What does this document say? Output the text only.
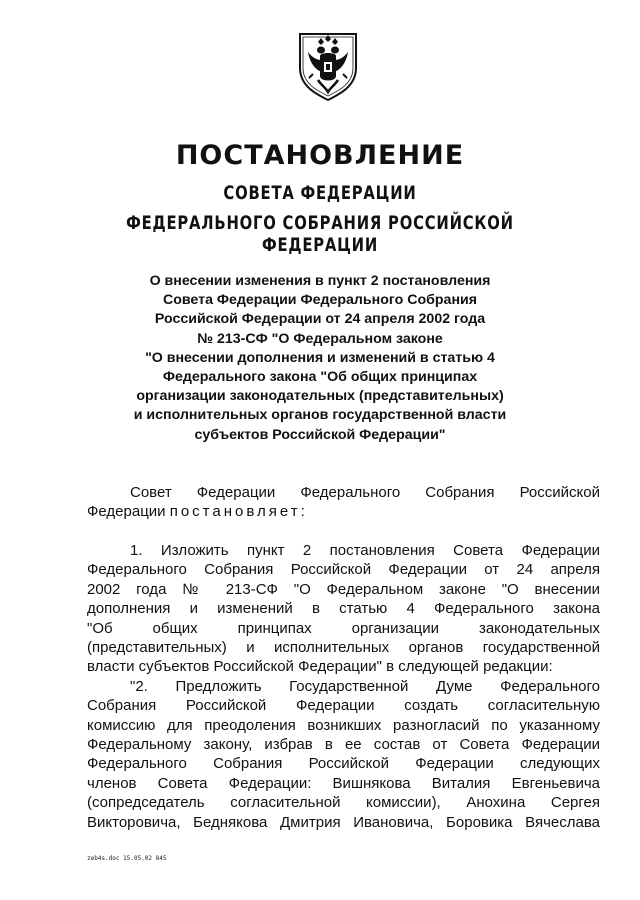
ПОСТАНОВЛЕНИЕ
СОВЕТА ФЕДЕРАЦИИ
ФЕДЕРАЛЬНОГО СОБРАНИЯ РОССИЙСКОЙ ФЕДЕРАЦИИ
О внесении изменения в пункт 2 постановления
Совета Федерации Федерального Собрания
Российской Федерации от 24 апреля 2002 года
№ 213-СФ "О Федеральном законе
"О внесении дополнения и изменений в статью 4
Федерального закона "Об общих принципах
организации законодательных (представительных)
и исполнительных органов государственной власти
субъектов Российской Федерации"
Совет Федерации Федерального Собрания Российской
Федерации постановляет:
1. Изложить пункт 2 постановления Совета Федерации
Федерального Собрания Российской Федерации от 24 апреля
2002 года № 213-СФ "О Федеральном законе "О внесении
дополнения и изменений в статью 4 Федерального закона
"Об общих принципах организации законодательных
(представительных) и исполнительных органов государственной
власти субъектов Российской Федерации" в следующей редакции:
"2. Предложить Государственной Думе Федерального
Собрания Российской Федерации создать согласительную
комиссию для преодоления возникших разногласий по указанному
Федеральному закону, избрав в ее состав от Совета Федерации
Федерального Собрания Российской Федерации следующих
членов Совета Федерации: Вишнякова Виталия Евгеньевича
(сопредседатель согласительной комиссии), Анохина Сергея
Викторовича, Беднякова Дмитрия Ивановича, Боровика Вячеслава
zeb4s.doc 15.05.02 845
